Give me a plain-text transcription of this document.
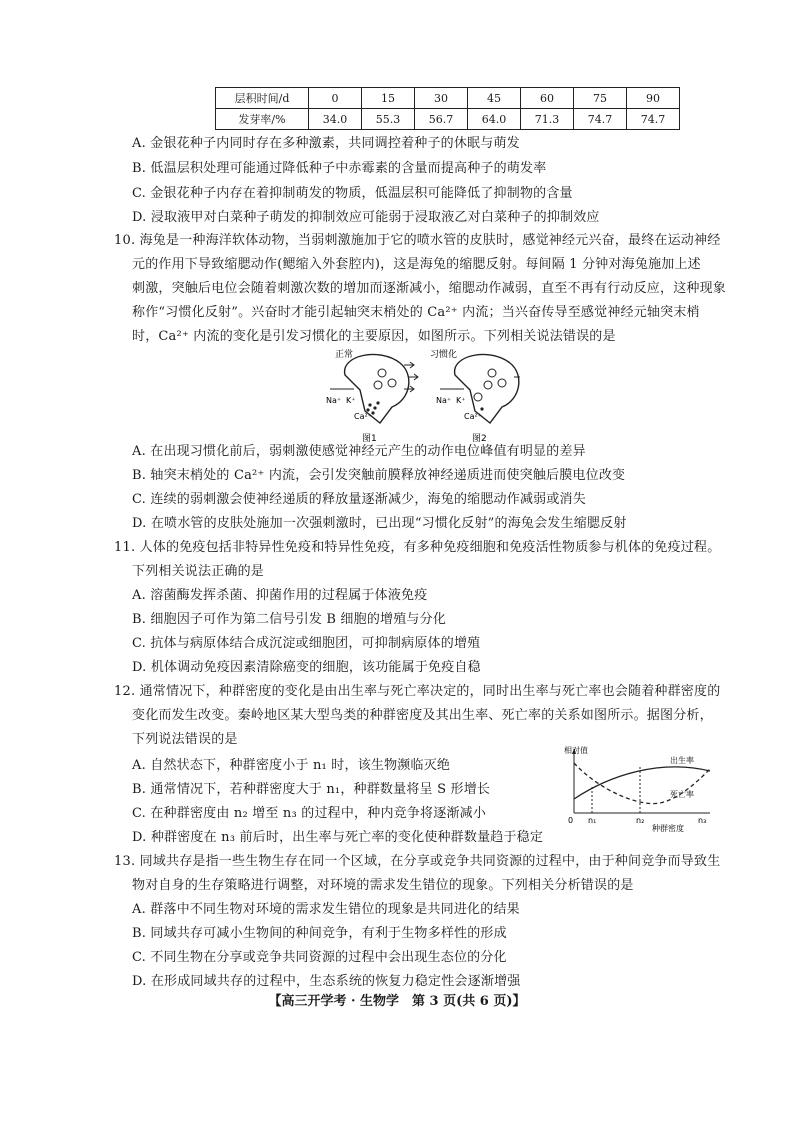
层积时间/d	0	15	30	45	60	75	90
发芽率/%	34.0	55.3	56.7	64.0	71.3	74.7	74.7
A. 金银花种子内同时存在多种激素，共同调控着种子的休眠与萌发
B. 低温层积处理可能通过降低种子中赤霉素的含量而提高种子的萌发率
C. 金银花种子内存在着抑制萌发的物质，低温层积可能降低了抑制物的含量
D. 浸取液甲对白菜种子萌发的抑制效应可能弱于浸取液乙对白菜种子的抑制效应
10. 海兔是一种海洋软体动物，当弱刺激施加于它的喷水管的皮肤时，感觉神经元兴奋，最终在运动神经
元的作用下导致缩腮动作(鳃缩入外套腔内)，这是海兔的缩腮反射。每间隔 1 分钟对海兔施加上述
刺激，突触后电位会随着刺激次数的增加而逐渐减小，缩腮动作减弱，直至不再有行动反应，这种现象
称作“习惯化反射”。兴奋时才能引起轴突末梢处的 Ca²⁺ 内流；当兴奋传导至感觉神经元轴突末梢
时，Ca²⁺ 内流的变化是引发习惯化的主要原因，如图所示。下列相关说法错误的是
正常
Na⁺ K⁺
Ca²⁺
图1
习惯化
Na⁺ K⁺
Ca²⁺
图2
A. 在出现习惯化前后，弱刺激使感觉神经元产生的动作电位峰值有明显的差异
B. 轴突末梢处的 Ca²⁺ 内流，会引发突触前膜释放神经递质进而使突触后膜电位改变
C. 连续的弱刺激会使神经递质的释放量逐渐减少，海兔的缩腮动作减弱或消失
D. 在喷水管的皮肤处施加一次强刺激时，已出现“习惯化反射”的海兔会发生缩腮反射
11. 人体的免疫包括非特异性免疫和特异性免疫，有多种免疫细胞和免疫活性物质参与机体的免疫过程。
下列相关说法正确的是
A. 溶菌酶发挥杀菌、抑菌作用的过程属于体液免疫
B. 细胞因子可作为第二信号引发 B 细胞的增殖与分化
C. 抗体与病原体结合成沉淀或细胞团，可抑制病原体的增殖
D. 机体调动免疫因素清除癌变的细胞，该功能属于免疫自稳
12. 通常情况下，种群密度的变化是由出生率与死亡率决定的，同时出生率与死亡率也会随着种群密度的
变化而发生改变。秦岭地区某大型鸟类的种群密度及其出生率、死亡率的关系如图所示。据图分析，
下列说法错误的是
A. 自然状态下，种群密度小于 n₁ 时，该生物濒临灭绝
B. 通常情况下，若种群密度大于 n₁，种群数量将呈 S 形增长
C. 在种群密度由 n₂ 增至 n₃ 的过程中，种内竞争将逐渐减小
D. 种群密度在 n₃ 前后时，出生率与死亡率的变化使种群数量趋于稳定
相对值
0
出生率
死亡率
n₁	n₂	n₃
种群密度
13. 同域共存是指一些生物生存在同一个区域，在分享或竞争共同资源的过程中，由于种间竞争而导致生
物对自身的生存策略进行调整，对环境的需求发生错位的现象。下列相关分析错误的是
A. 群落中不同生物对环境的需求发生错位的现象是共同进化的结果
B. 同域共存可减小生物间的种间竞争，有利于生物多样性的形成
C. 不同生物在分享或竞争共同资源的过程中会出现生态位的分化
D. 在形成同域共存的过程中，生态系统的恢复力稳定性会逐渐增强
【高三开学考 · 生物学　第 3 页(共 6 页)】
